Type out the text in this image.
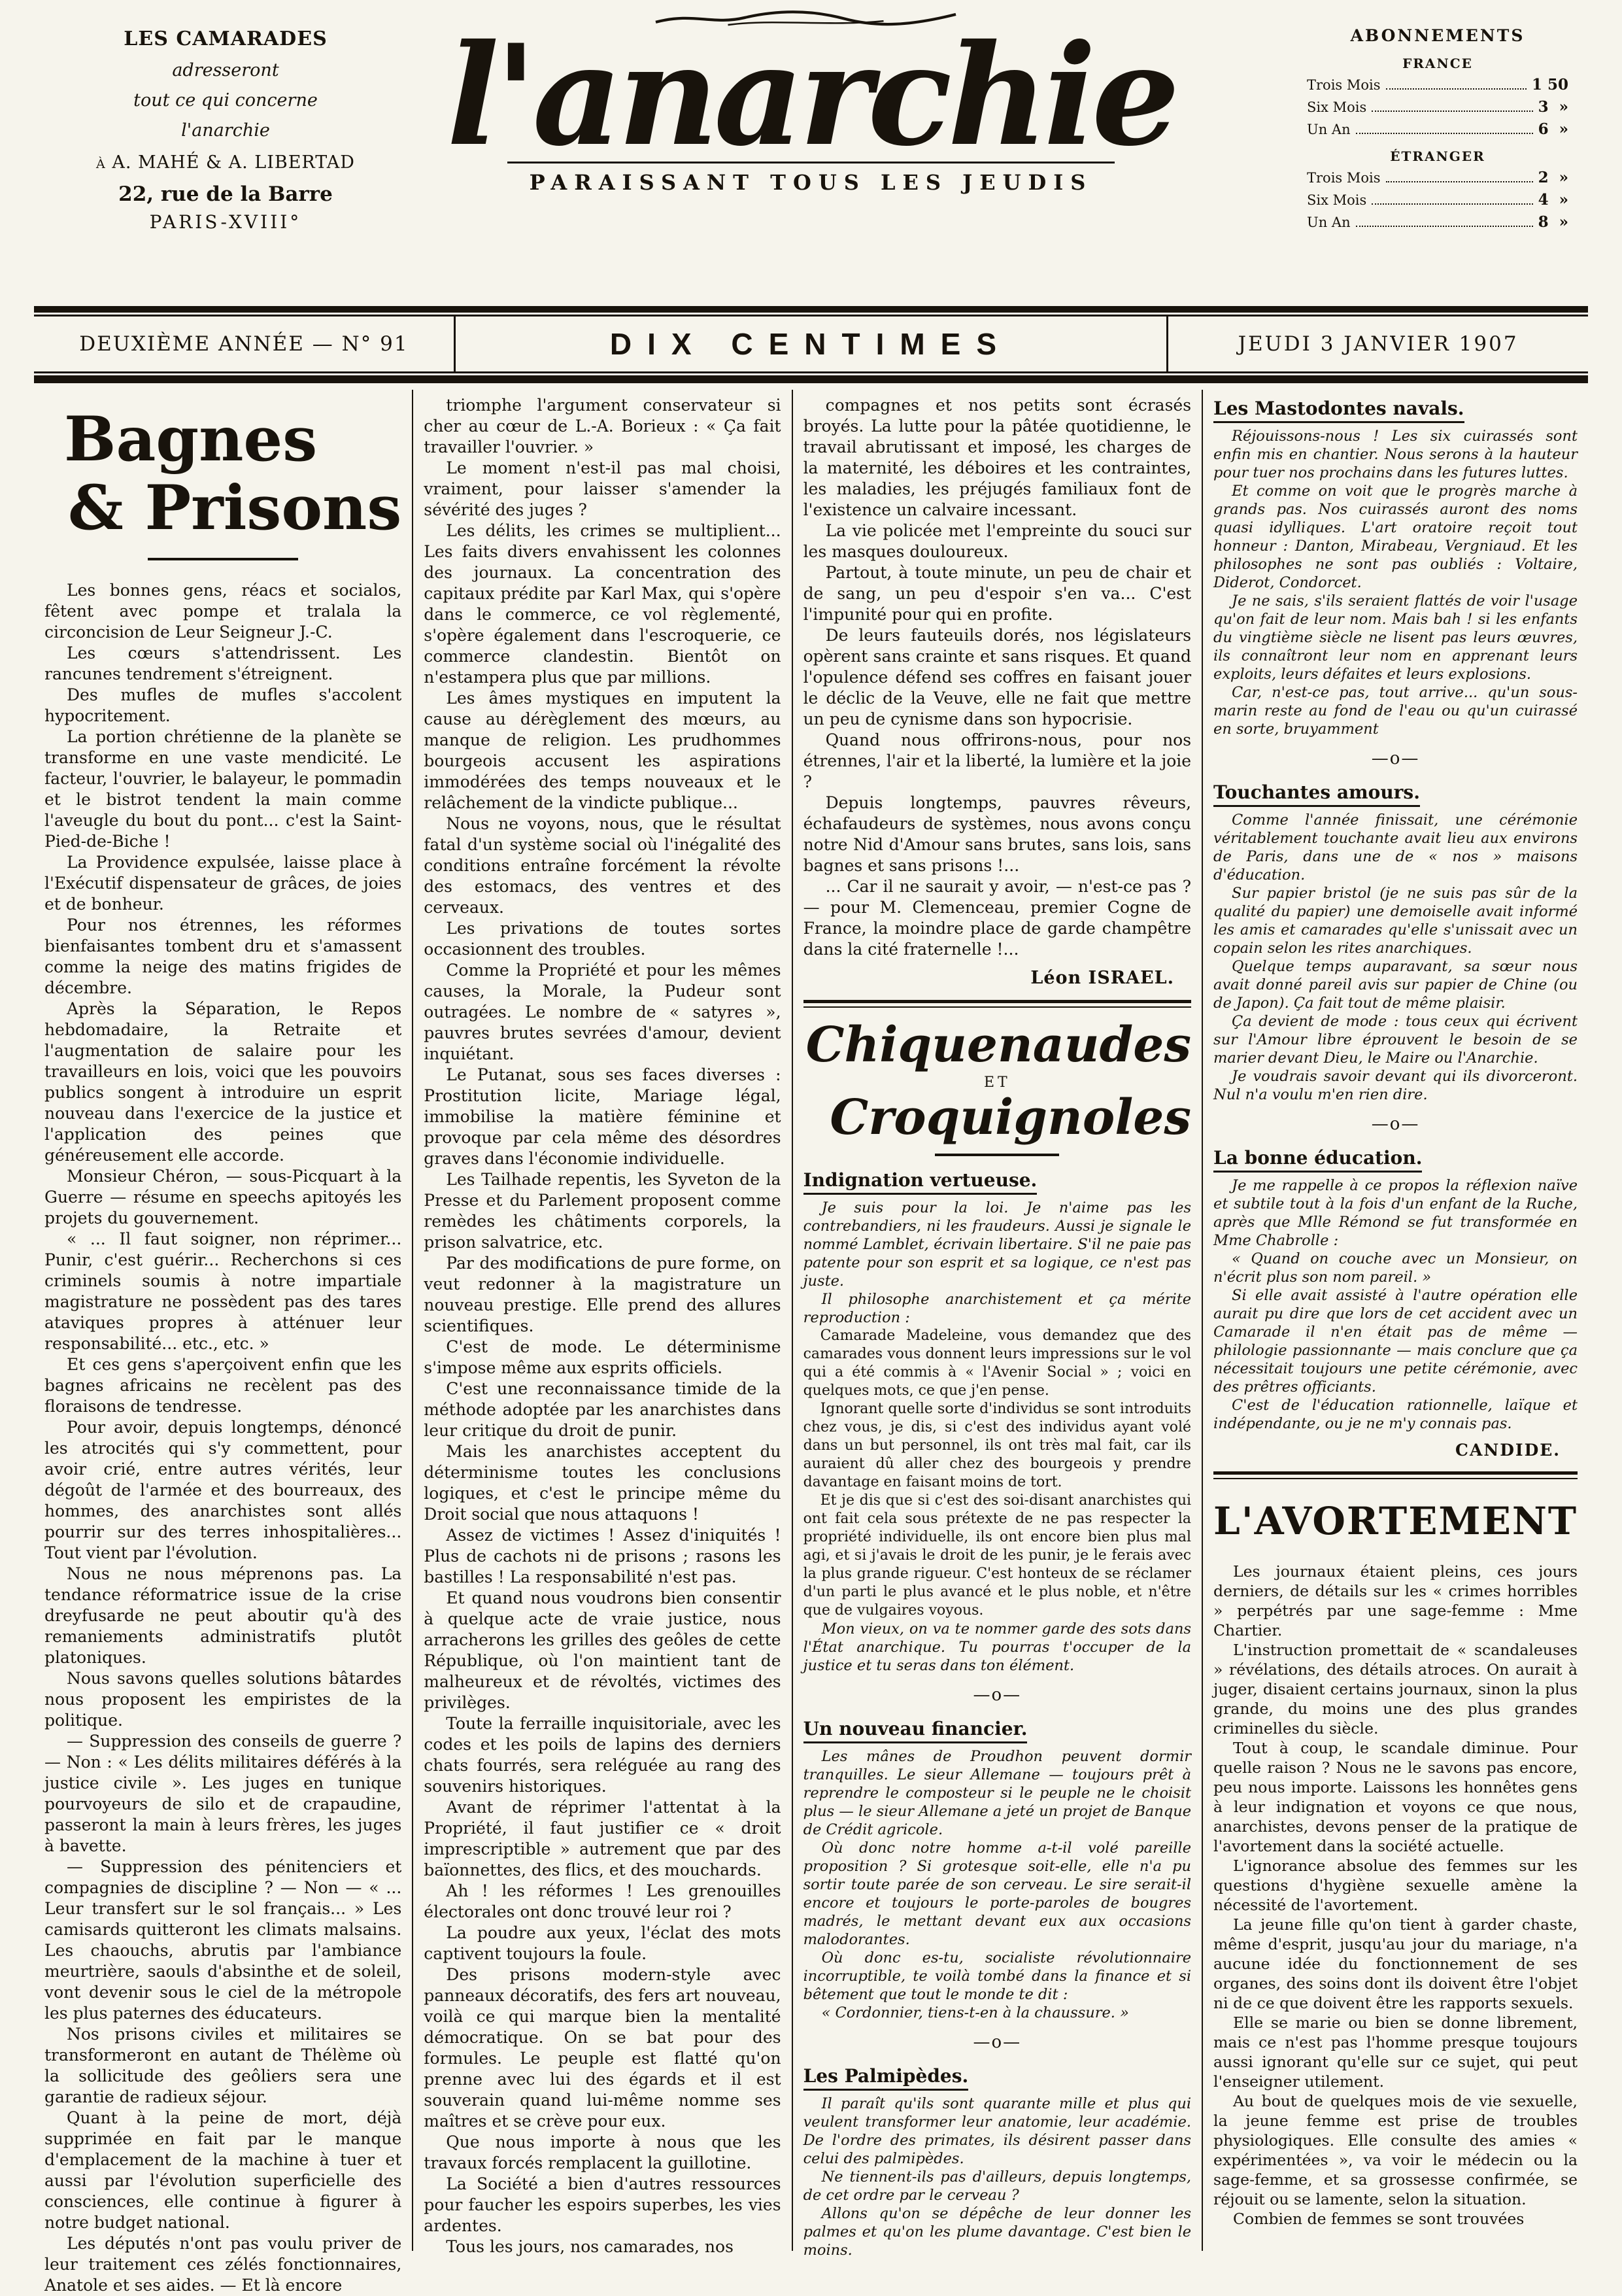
LES CAMARADES
adresseront
tout ce qui concerne
l'anarchie
à A. MAHÉ & A. LIBERTAD
22, rue de la Barre
PARIS-XVIII°
l'anarchie
PARAISSANT TOUS LES JEUDIS
ABONNEMENTS
FRANCE
Trois Mois	1 50
Six Mois	3  »
Un An	6  »
ÉTRANGER
Trois Mois	2  »
Six Mois	4  »
Un An	8  »
DEUXIÈME ANNÉE — N° 91	DIX CENTIMES	JEUDI 3 JANVIER 1907
Bagnes
& Prisons

Les bonnes gens, réacs et socialos, fêtent avec pompe et tralala la circoncision de Leur Seigneur J.-C.

Les cœurs s'attendrissent. Les rancunes tendrement s'étreignent.

Des mufles de mufles s'accolent hypocritement.

La portion chrétienne de la planète se transforme en une vaste mendicité. Le facteur, l'ouvrier, le balayeur, le pommadin et le bistrot tendent la main comme l'aveugle du bout du pont... c'est la Saint-Pied-de-Biche !

La Providence expulsée, laisse place à l'Exécutif dispensateur de grâces, de joies et de bonheur.

Pour nos étrennes, les réformes bienfaisantes tombent dru et s'amassent comme la neige des matins frigides de décembre.

Après la Séparation, le Repos hebdomadaire, la Retraite et l'augmentation de salaire pour les travailleurs en lois, voici que les pouvoirs publics songent à introduire un esprit nouveau dans l'exercice de la justice et l'application des peines que généreusement elle accorde.

Monsieur Chéron, — sous-Picquart à la Guerre — résume en speechs apitoyés les projets du gouvernement.

« ... Il faut soigner, non réprimer... Punir, c'est guérir... Recherchons si ces criminels soumis à notre impartiale magistrature ne possèdent pas des tares ataviques propres à atténuer leur responsabilité... etc., etc. »

Et ces gens s'aperçoivent enfin que les bagnes africains ne recèlent pas des floraisons de tendresse.

Pour avoir, depuis longtemps, dénoncé les atrocités qui s'y commettent, pour avoir crié, entre autres vérités, leur dégoût de l'armée et des bourreaux, des hommes, des anarchistes sont allés pourrir sur des terres inhospitalières... Tout vient par l'évolution.

Nous ne nous méprenons pas. La tendance réformatrice issue de la crise dreyfusarde ne peut aboutir qu'à des remaniements administratifs plutôt platoniques.

Nous savons quelles solutions bâtardes nous proposent les empiristes de la politique.

— Suppression des conseils de guerre ? — Non : « Les délits militaires déférés à la justice civile ». Les juges en tunique pourvoyeurs de silo et de crapaudine, passeront la main à leurs frères, les juges à bavette.

— Suppression des pénitenciers et compagnies de discipline ? — Non — « ... Leur transfert sur le sol français... » Les camisards quitteront les climats malsains. Les chaouchs, abrutis par l'ambiance meurtrière, saouls d'absinthe et de soleil, vont devenir sous le ciel de la métropole les plus paternes des éducateurs.

Nos prisons civiles et militaires se transformeront en autant de Thélème où la sollicitude des geôliers sera une garantie de radieux séjour.

Quant à la peine de mort, déjà supprimée en fait par le manque d'emplacement de la machine à tuer et aussi par l'évolution superficielle des consciences, elle continue à figurer à notre budget national.

Les députés n'ont pas voulu priver de leur traitement ces zélés fonctionnaires, Anatole et ses aides. — Et là encore

triomphe l'argument conservateur si cher au cœur de L.-A. Borieux : « Ça fait travailler l'ouvrier. »

Le moment n'est-il pas mal choisi, vraiment, pour laisser s'amender la sévérité des juges ?

Les délits, les crimes se multiplient... Les faits divers envahissent les colonnes des journaux. La concentration des capitaux prédite par Karl Max, qui s'opère dans le commerce, ce vol règlementé, s'opère également dans l'escroquerie, ce commerce clandestin. Bientôt on n'estampera plus que par millions.

Les âmes mystiques en imputent la cause au dérèglement des mœurs, au manque de religion. Les prudhommes bourgeois accusent les aspirations immodérées des temps nouveaux et le relâchement de la vindicte publique...

Nous ne voyons, nous, que le résultat fatal d'un système social où l'inégalité des conditions entraîne forcément la révolte des estomacs, des ventres et des cerveaux.

Les privations de toutes sortes occasionnent des troubles.

Comme la Propriété et pour les mêmes causes, la Morale, la Pudeur sont outragées. Le nombre de « satyres », pauvres brutes sevrées d'amour, devient inquiétant.

Le Putanat, sous ses faces diverses : Prostitution licite, Mariage légal, immobilise la matière féminine et provoque par cela même des désordres graves dans l'économie individuelle.

Les Tailhade repentis, les Syveton de la Presse et du Parlement proposent comme remèdes les châtiments corporels, la prison salvatrice, etc.

Par des modifications de pure forme, on veut redonner à la magistrature un nouveau prestige. Elle prend des allures scientifiques.

C'est de mode. Le déterminisme s'impose même aux esprits officiels.

C'est une reconnaissance timide de la méthode adoptée par les anarchistes dans leur critique du droit de punir.

Mais les anarchistes acceptent du déterminisme toutes les conclusions logiques, et c'est le principe même du Droit social que nous attaquons !

Assez de victimes ! Assez d'iniquités ! Plus de cachots ni de prisons ; rasons les bastilles ! La responsabilité n'est pas.

Et quand nous voudrons bien consentir à quelque acte de vraie justice, nous arracherons les grilles des geôles de cette République, où l'on maintient tant de malheureux et de révoltés, victimes des privilèges.

Toute la ferraille inquisitoriale, avec les codes et les poils de lapins des derniers chats fourrés, sera reléguée au rang des souvenirs historiques.

Avant de réprimer l'attentat à la Propriété, il faut justifier ce « droit imprescriptible » autrement que par des baïonnettes, des flics, et des mouchards.

Ah ! les réformes ! Les grenouilles électorales ont donc trouvé leur roi ?

La poudre aux yeux, l'éclat des mots captivent toujours la foule.

Des prisons modern-style avec panneaux décoratifs, des fers art nouveau, voilà ce qui marque bien la mentalité démocratique. On se bat pour des formules. Le peuple est flatté qu'on prenne avec lui des égards et il est souverain quand lui-même nomme ses maîtres et se crève pour eux.

Que nous importe à nous que les travaux forcés remplacent la guillotine.

La Société a bien d'autres ressources pour faucher les espoirs superbes, les vies ardentes.

Tous les jours, nos camarades, nos

compagnes et nos petits sont écrasés broyés. La lutte pour la pâtée quotidienne, le travail abrutissant et imposé, les charges de la maternité, les déboires et les contraintes, les maladies, les préjugés familiaux font de l'existence un calvaire incessant.

La vie policée met l'empreinte du souci sur les masques douloureux.

Partout, à toute minute, un peu de chair et de sang, un peu d'espoir s'en va... C'est l'impunité pour qui en profite.

De leurs fauteuils dorés, nos législateurs opèrent sans crainte et sans risques. Et quand l'opulence défend ses coffres en faisant jouer le déclic de la Veuve, elle ne fait que mettre un peu de cynisme dans son hypocrisie.

Quand nous offrirons-nous, pour nos étrennes, l'air et la liberté, la lumière et la joie ?

Depuis longtemps, pauvres rêveurs, échafaudeurs de systèmes, nous avons conçu notre Nid d'Amour sans brutes, sans lois, sans bagnes et sans prisons !...

... Car il ne saurait y avoir, — n'est-ce pas ? — pour M. Clemenceau, premier Cogne de France, la moindre place de garde champêtre dans la cité fraternelle !...

Léon ISRAEL.
Chiquenaudes
ET
Croquignoles
Indignation vertueuse.

Je suis pour la loi. Je n'aime pas les contrebandiers, ni les fraudeurs. Aussi je signale le nommé Lamblet, écrivain libertaire. S'il ne paie pas patente pour son esprit et sa logique, ce n'est pas juste.

Il philosophe anarchistement et ça mérite reproduction :

Camarade Madeleine, vous demandez que des camarades vous donnent leurs impressions sur le vol qui a été commis à « l'Avenir Social » ; voici en quelques mots, ce que j'en pense.

Ignorant quelle sorte d'individus se sont introduits chez vous, je dis, si c'est des individus ayant volé dans un but personnel, ils ont très mal fait, car ils auraient dû aller chez des bourgeois y prendre davantage en faisant moins de tort.

Et je dis que si c'est des soi-disant anarchistes qui ont fait cela sous prétexte de ne pas respecter la propriété individuelle, ils ont encore bien plus mal agi, et si j'avais le droit de les punir, je le ferais avec la plus grande rigueur. C'est honteux de se réclamer d'un parti le plus avancé et le plus noble, et n'être que de vulgaires voyous.

Mon vieux, on va te nommer garde des sots dans l'État anarchique. Tu pourras t'occuper de la justice et tu seras dans ton élément.

—o—
Un nouveau financier.

Les mânes de Proudhon peuvent dormir tranquilles. Le sieur Allemane — toujours prêt à reprendre le composteur si le peuple ne le choisit plus — le sieur Allemane a jeté un projet de Banque de Crédit agricole.

Où donc notre homme a-t-il volé pareille proposition ? Si grotesque soit-elle, elle n'a pu sortir toute parée de son cerveau. Le sire serait-il encore et toujours le porte-paroles de bougres madrés, le mettant devant eux aux occasions malodorantes.

Où donc es-tu, socialiste révolutionnaire incorruptible, te voilà tombé dans la finance et si bêtement que tout le monde te dit :

« Cordonnier, tiens-t-en à la chaussure. »

—o—
Les Palmipèdes.

Il paraît qu'ils sont quarante mille et plus qui veulent transformer leur anatomie, leur académie. De l'ordre des primates, ils désirent passer dans celui des palmipèdes.

Ne tiennent-ils pas d'ailleurs, depuis longtemps, de cet ordre par le cerveau ?

Allons qu'on se dépêche de leur donner les palmes et qu'on les plume davantage. C'est bien le moins.

Les Mastodontes navals.

Réjouissons-nous ! Les six cuirassés sont enfin mis en chantier. Nous serons à la hauteur pour tuer nos prochains dans les futures luttes.

Et comme on voit que le progrès marche à grands pas. Nos cuirassés auront des noms quasi idylliques. L'art oratoire reçoit tout honneur : Danton, Mirabeau, Vergniaud. Et les philosophes ne sont pas oubliés : Voltaire, Diderot, Condorcet.

Je ne sais, s'ils seraient flattés de voir l'usage qu'on fait de leur nom. Mais bah ! si les enfants du vingtième siècle ne lisent pas leurs œuvres, ils connaîtront leur nom en apprenant leurs exploits, leurs défaites et leurs explosions.

Car, n'est-ce pas, tout arrive... qu'un sous-marin reste au fond de l'eau ou qu'un cuirassé en sorte, bruyamment

—o—
Touchantes amours.

Comme l'année finissait, une cérémonie véritablement touchante avait lieu aux environs de Paris, dans une de « nos » maisons d'éducation.

Sur papier bristol (je ne suis pas sûr de la qualité du papier) une demoiselle avait informé les amis et camarades qu'elle s'unissait avec un copain selon les rites anarchiques.

Quelque temps auparavant, sa sœur nous avait donné pareil avis sur papier de Chine (ou de Japon). Ça fait tout de même plaisir.

Ça devient de mode : tous ceux qui écrivent sur l'Amour libre éprouvent le besoin de se marier devant Dieu, le Maire ou l'Anarchie.

Je voudrais savoir devant qui ils divorceront. Nul n'a voulu m'en rien dire.

—o—
La bonne éducation.

Je me rappelle à ce propos la réflexion naïve et subtile tout à la fois d'un enfant de la Ruche, après que Mlle Rémond se fut transformée en Mme Chabrolle :

« Quand on couche avec un Monsieur, on n'écrit plus son nom pareil. »

Si elle avait assisté à l'autre opération elle aurait pu dire que lors de cet accident avec un Camarade il n'en était pas de même — philologie passionnante — mais conclure que ça nécessitait toujours une petite cérémonie, avec des prêtres officiants.

C'est de l'éducation rationnelle, laïque et indépendante, ou je ne m'y connais pas.

CANDIDE.
L'AVORTEMENT

Les journaux étaient pleins, ces jours derniers, de détails sur les « crimes horribles » perpétrés par une sage-femme : Mme Chartier.

L'instruction promettait de « scandaleuses » révélations, des détails atroces. On aurait à juger, disaient certains journaux, sinon la plus grande, du moins une des plus grandes criminelles du siècle.

Tout à coup, le scandale diminue. Pour quelle raison ? Nous ne le savons pas encore, peu nous importe. Laissons les honnêtes gens à leur indignation et voyons ce que nous, anarchistes, devons penser de la pratique de l'avortement dans la société actuelle.

L'ignorance absolue des femmes sur les questions d'hygiène sexuelle amène la nécessité de l'avortement.

La jeune fille qu'on tient à garder chaste, même d'esprit, jusqu'au jour du mariage, n'a aucune idée du fonctionnement de ses organes, des soins dont ils doivent être l'objet ni de ce que doivent être les rapports sexuels.

Elle se marie ou bien se donne librement, mais ce n'est pas l'homme presque toujours aussi ignorant qu'elle sur ce sujet, qui peut l'enseigner utilement.

Au bout de quelques mois de vie sexuelle, la jeune femme est prise de troubles physiologiques. Elle consulte des amies « expérimentées », va voir le médecin ou la sage-femme, et sa grossesse confirmée, se réjouit ou se lamente, selon la situation.

Combien de femmes se sont trouvées
